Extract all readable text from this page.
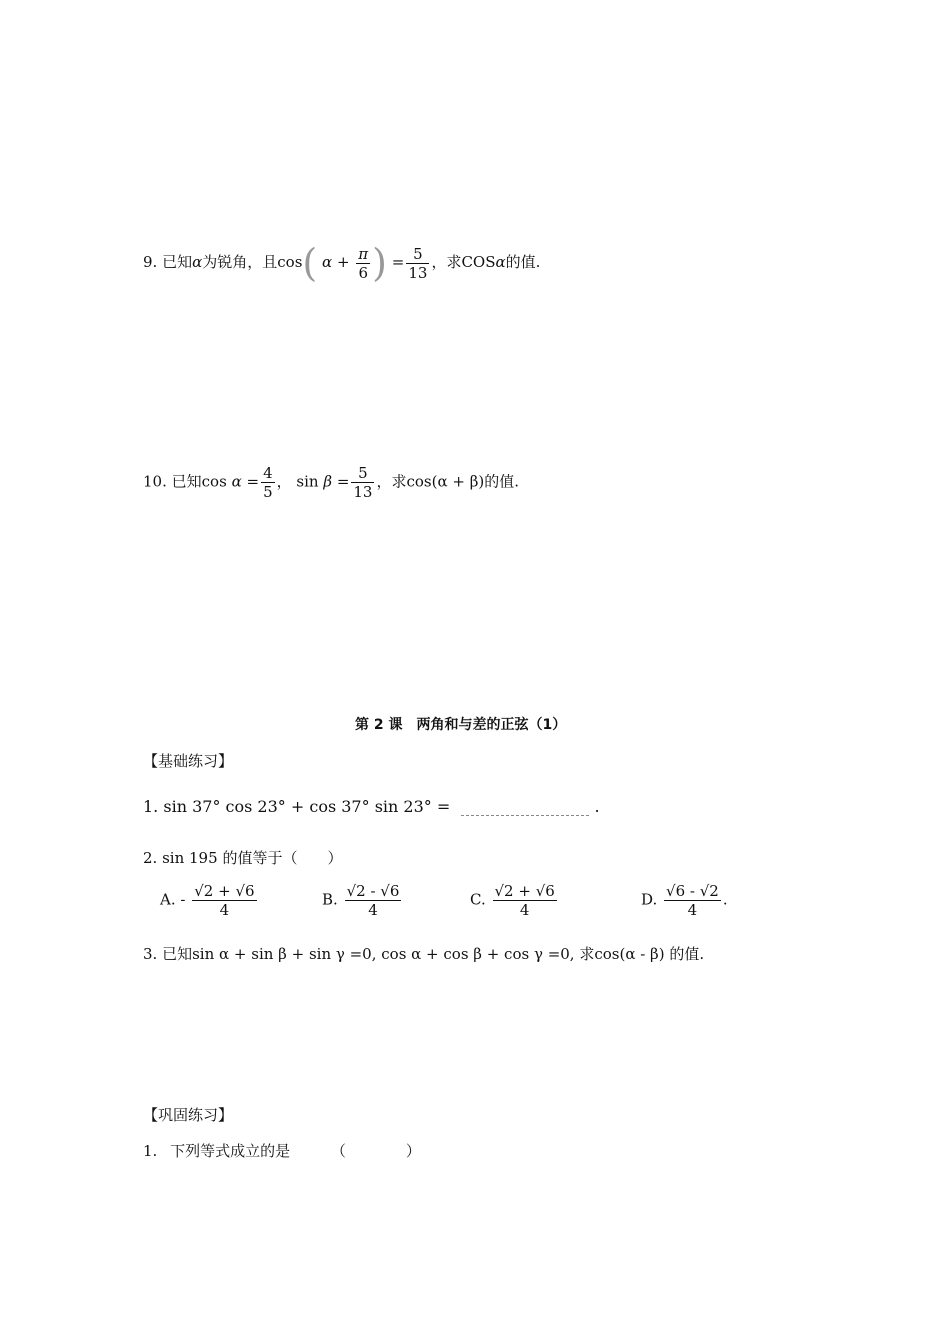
9. 已知α为锐角，且cos( $\alpha + \frac{\pi}{6}$ ) = $\frac{5}{13}$ ，求COSα的值.
10. 已知$\cos \alpha = \frac{4}{5}$ ， $\sin \beta = \frac{5}{13}$ ，求cos(α + β)的值.
第 2 课　两角和与差的正弦（1）
【基础练习】
1. sin 37° cos 23° + cos 37° sin 23° =	.
2. sin 195 的值等于（　　）
A. - $\frac{√2 + √6}{4}$	B. $\frac{√2 - √6}{4}$	C. $\frac{√2 + √6}{4}$	D. $\frac{√6 - √2}{4}$ .
3. 已知sin α + sin β + sin γ =0, cos α + cos β + cos γ =0, 求cos(α - β) 的值.
【巩固练习】
1. 下列等式成立的是	（　　　　）
